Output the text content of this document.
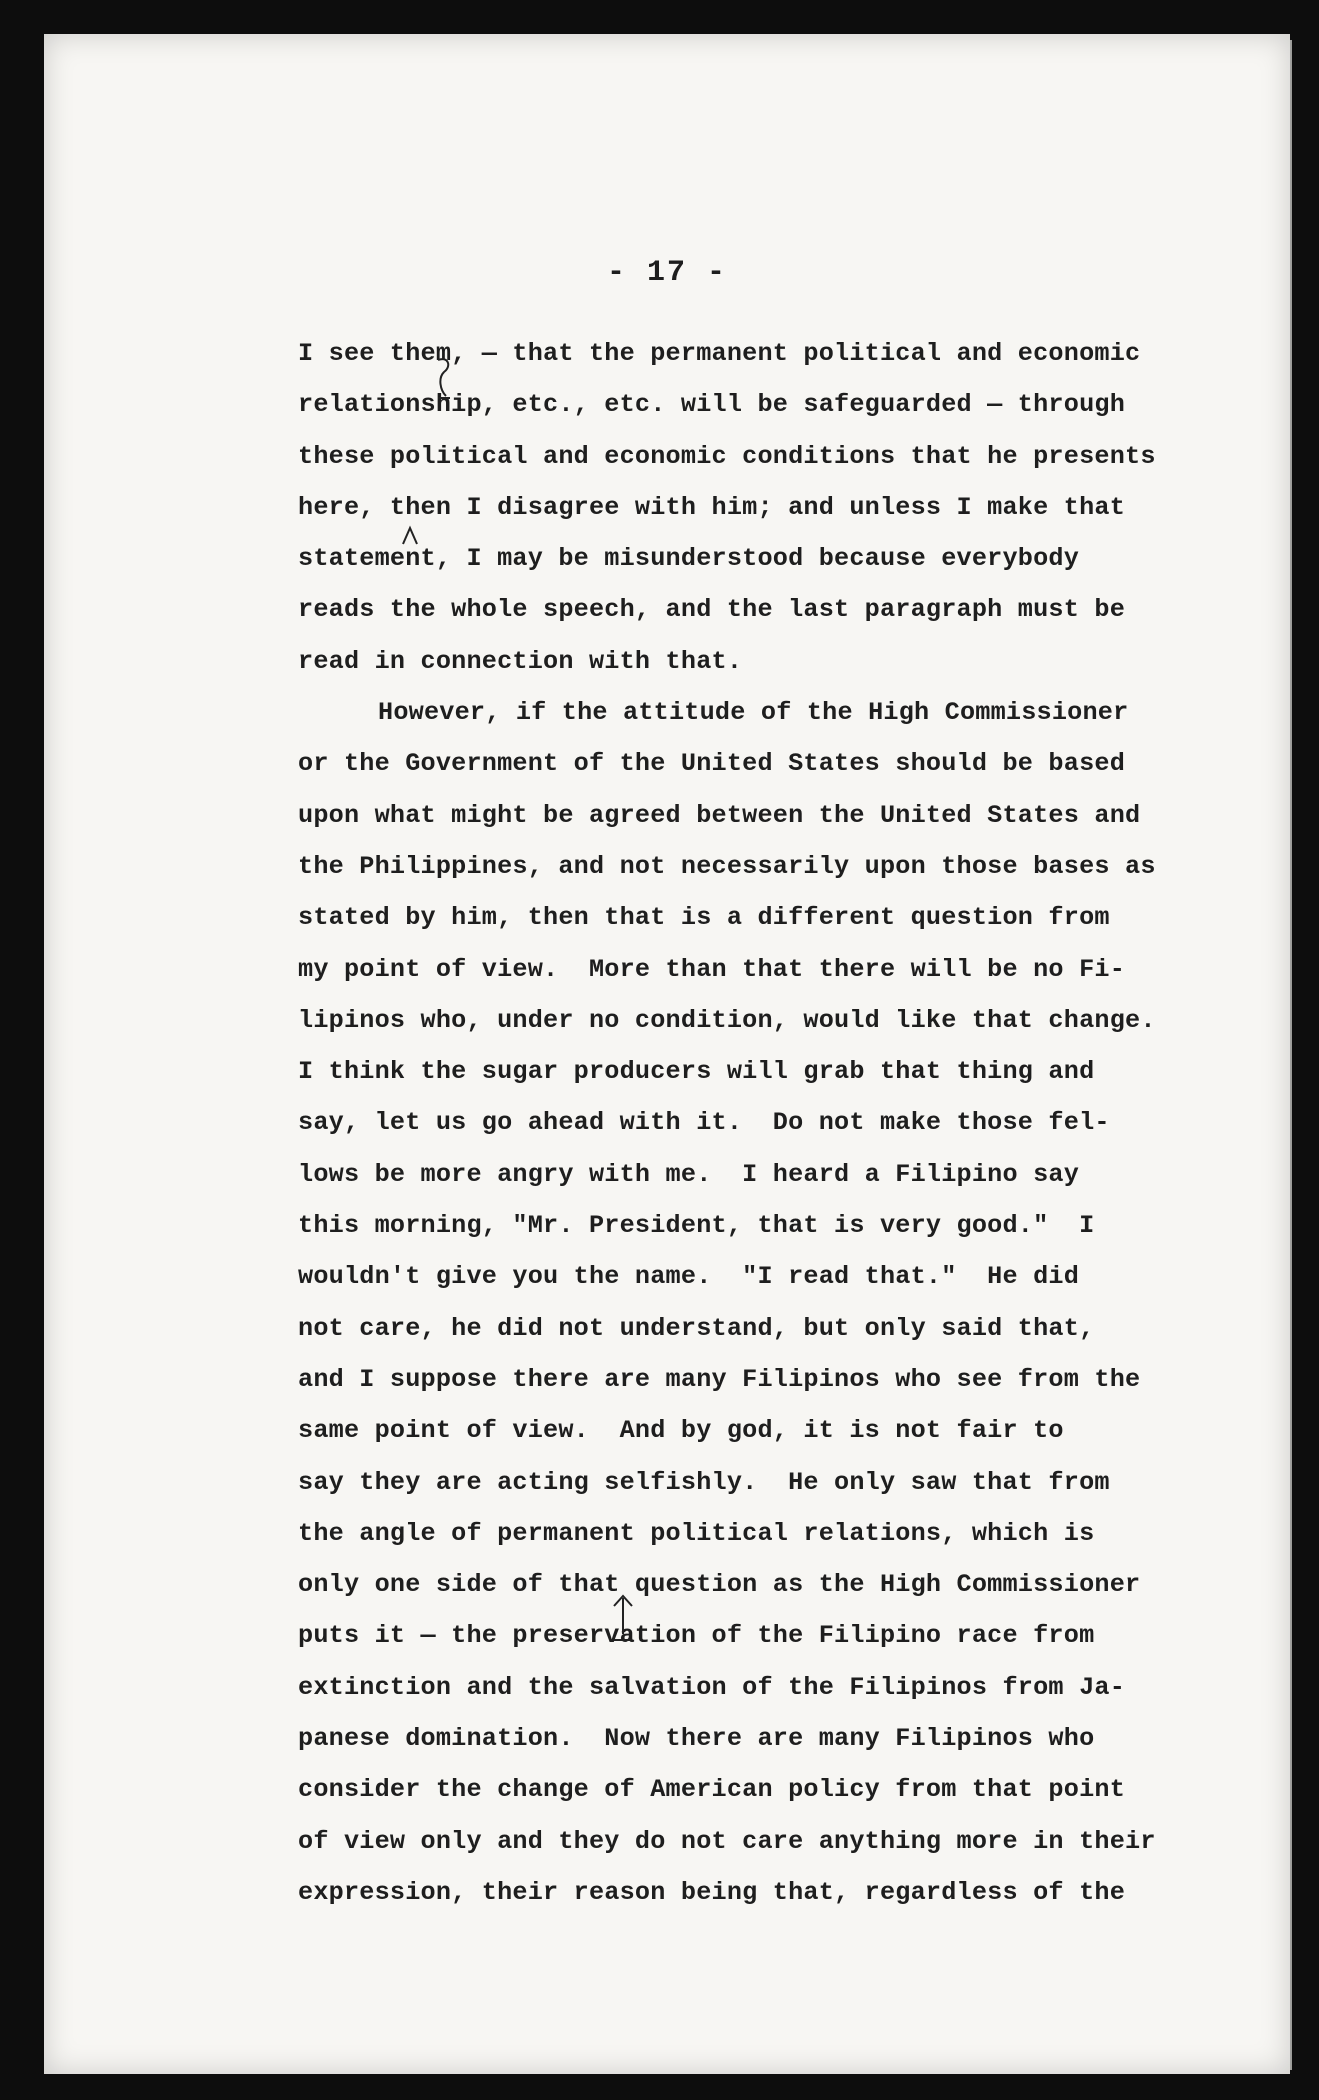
- 17 -
I see them, — that the permanent political and economic
relationship, etc., etc. will be safeguarded — through
these political and economic conditions that he presents
here, then I disagree with him; and unless I make that
statement, I may be misunderstood because everybody
reads the whole speech, and the last paragraph must be
read in connection with that.
However, if the attitude of the High Commissioner
or the Government of the United States should be based
upon what might be agreed between the United States and
the Philippines, and not necessarily upon those bases as
stated by him, then that is a different question from
my point of view.  More than that there will be no Fi-
lipinos who, under no condition, would like that change.
I think the sugar producers will grab that thing and
say, let us go ahead with it.  Do not make those fel-
lows be more angry with me.  I heard a Filipino say
this morning, "Mr. President, that is very good."  I
wouldn't give you the name.  "I read that."  He did
not care, he did not understand, but only said that,
and I suppose there are many Filipinos who see from the
same point of view.  And by god, it is not fair to
say they are acting selfishly.  He only saw that from
the angle of permanent political relations, which is
only one side of that question as the High Commissioner
puts it — the preservation of the Filipino race from
extinction and the salvation of the Filipinos from Ja-
panese domination.  Now there are many Filipinos who
consider the change of American policy from that point
of view only and they do not care anything more in their
expression, their reason being that, regardless of the
